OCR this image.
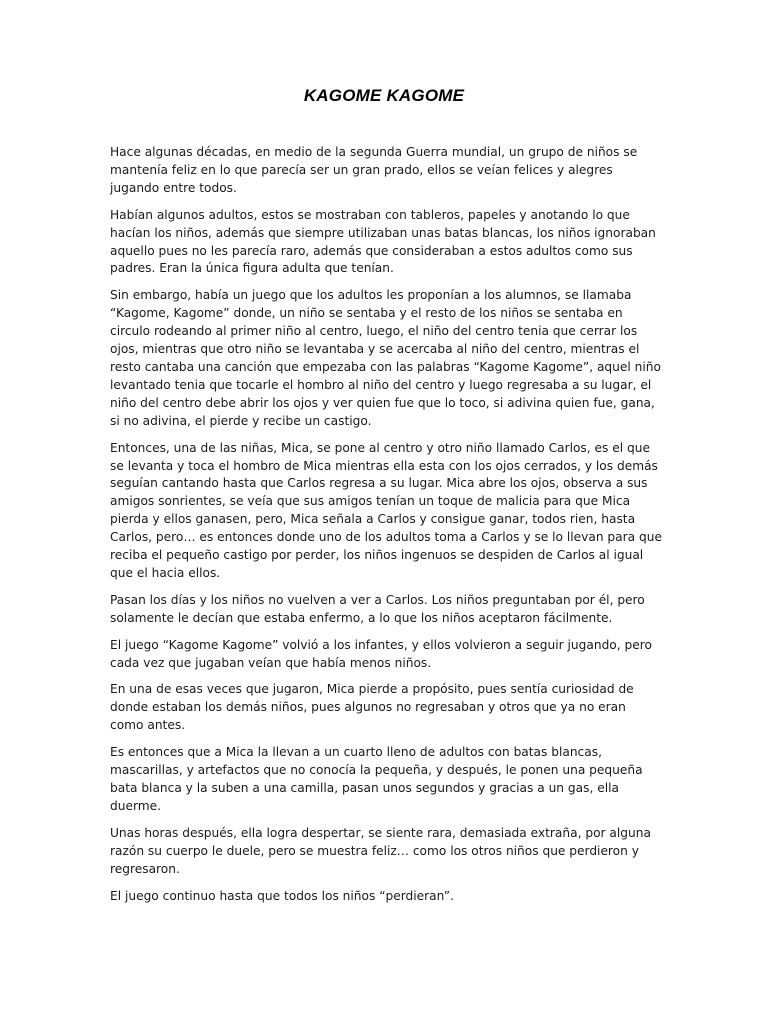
KAGOME KAGOME

Hace algunas décadas, en medio de la segunda Guerra mundial, un grupo de niños se mantenía feliz en lo que parecía ser un gran prado, ellos se veían felices y alegres jugando entre todos.

Habían algunos adultos, estos se mostraban con tableros, papeles y anotando lo que hacían los niños, además que siempre utilizaban unas batas blancas, los niños ignoraban aquello pues no les parecía raro, además que consideraban a estos adultos como sus padres. Eran la única figura adulta que tenían.

Sin embargo, había un juego que los adultos les proponían a los alumnos, se llamaba “Kagome, Kagome” donde, un niño se sentaba y el resto de los niños se sentaba en circulo rodeando al primer niño al centro, luego, el niño del centro tenia que cerrar los ojos, mientras que otro niño se levantaba y se acercaba al niño del centro, mientras el resto cantaba una canción que empezaba con las palabras “Kagome Kagome”, aquel niño levantado tenia que tocarle el hombro al niño del centro y luego regresaba a su lugar, el niño del centro debe abrir los ojos y ver quien fue que lo toco, si adivina quien fue, gana, si no adivina, el pierde y recibe un castigo.

Entonces, una de las niñas, Mica, se pone al centro y otro niño llamado Carlos, es el que se levanta y toca el hombro de Mica mientras ella esta con los ojos cerrados, y los demás seguían cantando hasta que Carlos regresa a su lugar. Mica abre los ojos, observa a sus amigos sonrientes, se veía que sus amigos tenían un toque de malicia para que Mica pierda y ellos ganasen, pero, Mica señala a Carlos y consigue ganar, todos rien, hasta Carlos, pero… es entonces donde uno de los adultos toma a Carlos y se lo llevan para que reciba el pequeño castigo por perder, los niños ingenuos se despiden de Carlos al igual que el hacia ellos.

Pasan los días y los niños no vuelven a ver a Carlos. Los niños preguntaban por él, pero solamente le decían que estaba enfermo, a lo que los niños aceptaron fácilmente.

El juego “Kagome Kagome” volvió a los infantes, y ellos volvieron a seguir jugando, pero cada vez que jugaban veían que había menos niños.

En una de esas veces que jugaron, Mica pierde a propósito, pues sentía curiosidad de donde estaban los demás niños, pues algunos no regresaban y otros que ya no eran como antes.

Es entonces que a Mica la llevan a un cuarto lleno de adultos con batas blancas, mascarillas, y artefactos que no conocía la pequeña, y después, le ponen una pequeña bata blanca y la suben a una camilla, pasan unos segundos y gracias a un gas, ella duerme.

Unas horas después, ella logra despertar, se siente rara, demasiada extraña, por alguna razón su cuerpo le duele, pero se muestra feliz… como los otros niños que perdieron y regresaron.

El juego continuo hasta que todos los niños “perdieran”.
